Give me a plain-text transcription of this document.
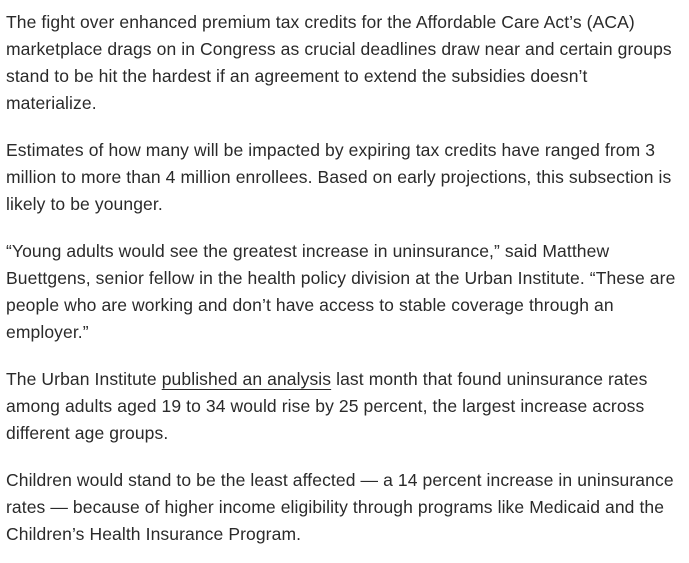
The fight over enhanced premium tax credits for the Affordable Care Act’s (ACA) marketplace drags on in Congress as crucial deadlines draw near and certain groups stand to be hit the hardest if an agreement to extend the subsidies doesn’t materialize.

Estimates of how many will be impacted by expiring tax credits have ranged from 3 million to more than 4 million enrollees. Based on early projections, this subsection is likely to be younger.

“Young adults would see the greatest increase in uninsurance,” said Matthew Buettgens, senior fellow in the health policy division at the Urban Institute. “These are people who are working and don’t have access to stable coverage through an employer.”

The Urban Institute published an analysis last month that found uninsurance rates among adults aged 19 to 34 would rise by 25 percent, the largest increase across different age groups.

Children would stand to be the least affected — a 14 percent increase in uninsurance rates — because of higher income eligibility through programs like Medicaid and the Children’s Health Insurance Program.
